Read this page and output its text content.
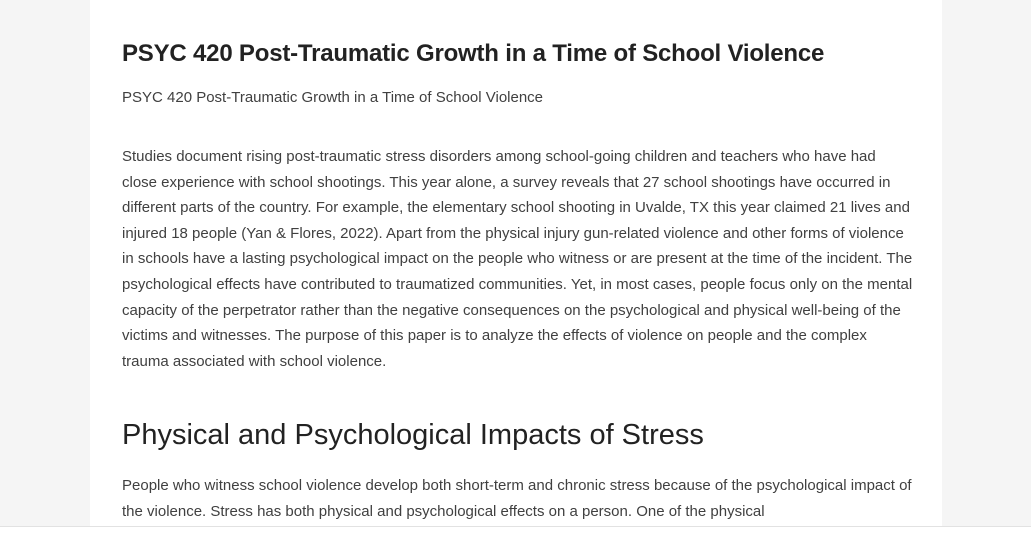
PSYC 420 Post-Traumatic Growth in a Time of School Violence

PSYC 420 Post-Traumatic Growth in a Time of School Violence

Studies document rising post-traumatic stress disorders among school-going children and teachers who have had close experience with school shootings. This year alone, a survey reveals that 27 school shootings have occurred in different parts of the country. For example, the elementary school shooting in Uvalde, TX this year claimed 21 lives and injured 18 people (Yan & Flores, 2022). Apart from the physical injury gun-related violence and other forms of violence in schools have a lasting psychological impact on the people who witness or are present at the time of the incident. The psychological effects have contributed to traumatized communities. Yet, in most cases, people focus only on the mental capacity of the perpetrator rather than the negative consequences on the psychological and physical well-being of the victims and witnesses. The purpose of this paper is to analyze the effects of violence on people and the complex trauma associated with school violence.

Physical and Psychological Impacts of Stress

People who witness school violence develop both short-term and chronic stress because of the psychological impact of the violence. Stress has both physical and psychological effects on a person. One of the physical
